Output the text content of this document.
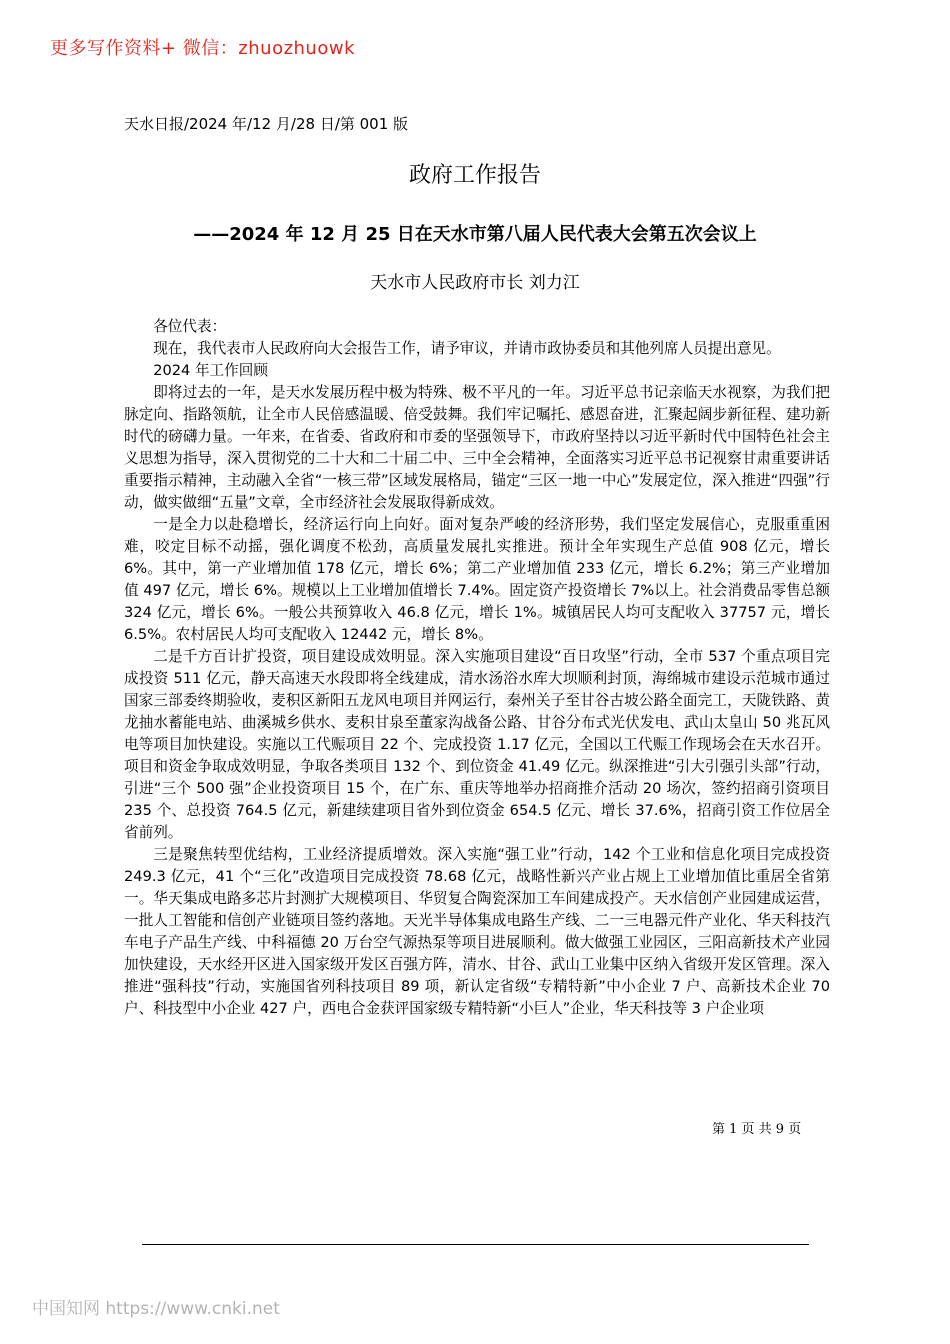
更多写作资料+ 微信：zhuozhuowk
天水日报/2024 年/12 月/28 日/第 001 版
政府工作报告
——2024 年 12 月 25 日在天水市第八届人民代表大会第五次会议上
天水市人民政府市长 刘力江

各位代表：

现在，我代表市人民政府向大会报告工作，请予审议，并请市政协委员和其他列席人员提出意见。

2024 年工作回顾

即将过去的一年，是天水发展历程中极为特殊、极不平凡的一年。习近平总书记亲临天水视察，为我们把脉定向、指路领航，让全市人民倍感温暖、倍受鼓舞。我们牢记嘱托、感恩奋进，汇聚起阔步新征程、建功新时代的磅礴力量。一年来，在省委、省政府和市委的坚强领导下，市政府坚持以习近平新时代中国特色社会主义思想为指导，深入贯彻党的二十大和二十届二中、三中全会精神，全面落实习近平总书记视察甘肃重要讲话重要指示精神，主动融入全省“一核三带”区域发展格局，锚定“三区一地一中心”发展定位，深入推进“四强”行动，做实做细“五量”文章，全市经济社会发展取得新成效。

一是全力以赴稳增长，经济运行向上向好。面对复杂严峻的经济形势，我们坚定发展信心，克服重重困难，咬定目标不动摇，强化调度不松劲，高质量发展扎实推进。预计全年实现生产总值 908 亿元，增长 6%。其中，第一产业增加值 178 亿元，增长 6%；第二产业增加值 233 亿元，增长 6.2%；第三产业增加值 497 亿元，增长 6%。规模以上工业增加值增长 7.4%。固定资产投资增长 7%以上。社会消费品零售总额 324 亿元，增长 6%。一般公共预算收入 46.8 亿元，增长 1%。城镇居民人均可支配收入 37757 元，增长 6.5%。农村居民人均可支配收入 12442 元，增长 8%。

二是千方百计扩投资，项目建设成效明显。深入实施项目建设“百日攻坚”行动，全市 537 个重点项目完成投资 511 亿元，静天高速天水段即将全线建成，清水汤浴水库大坝顺利封顶，海绵城市建设示范城市通过国家三部委终期验收，麦积区新阳五龙风电项目并网运行，秦州关子至甘谷古坡公路全面完工，天陇铁路、黄龙抽水蓄能电站、曲溪城乡供水、麦积甘泉至董家沟战备公路、甘谷分布式光伏发电、武山太皇山 50 兆瓦风电等项目加快建设。实施以工代赈项目 22 个、完成投资 1.17 亿元，全国以工代赈工作现场会在天水召开。项目和资金争取成效明显，争取各类项目 132 个、到位资金 41.49 亿元。纵深推进“引大引强引头部”行动，引进“三个 500 强”企业投资项目 15 个，在广东、重庆等地举办招商推介活动 20 场次，签约招商引资项目 235 个、总投资 764.5 亿元，新建续建项目省外到位资金 654.5 亿元、增长 37.6%，招商引资工作位居全省前列。

三是聚焦转型优结构，工业经济提质增效。深入实施“强工业”行动，142 个工业和信息化项目完成投资 249.3 亿元，41 个“三化”改造项目完成投资 78.68 亿元，战略性新兴产业占规上工业增加值比重居全省第一。华天集成电路多芯片封测扩大规模项目、华贸复合陶瓷深加工车间建成投产。天水信创产业园建成运营，一批人工智能和信创产业链项目签约落地。天光半导体集成电路生产线、二一三电器元件产业化、华天科技汽车电子产品生产线、中科福德 20 万台空气源热泵等项目进展顺利。做大做强工业园区，三阳高新技术产业园加快建设，天水经开区进入国家级开发区百强方阵，清水、甘谷、武山工业集中区纳入省级开发区管理。深入推进“强科技”行动，实施国省列科技项目 89 项，新认定省级“专精特新”中小企业 7 户、高新技术企业 70 户、科技型中小企业 427 户，西电合金获评国家级专精特新“小巨人”企业，华天科技等 3 户企业项

第 1 页 共 9 页
中国知网 https://www.cnki.net
